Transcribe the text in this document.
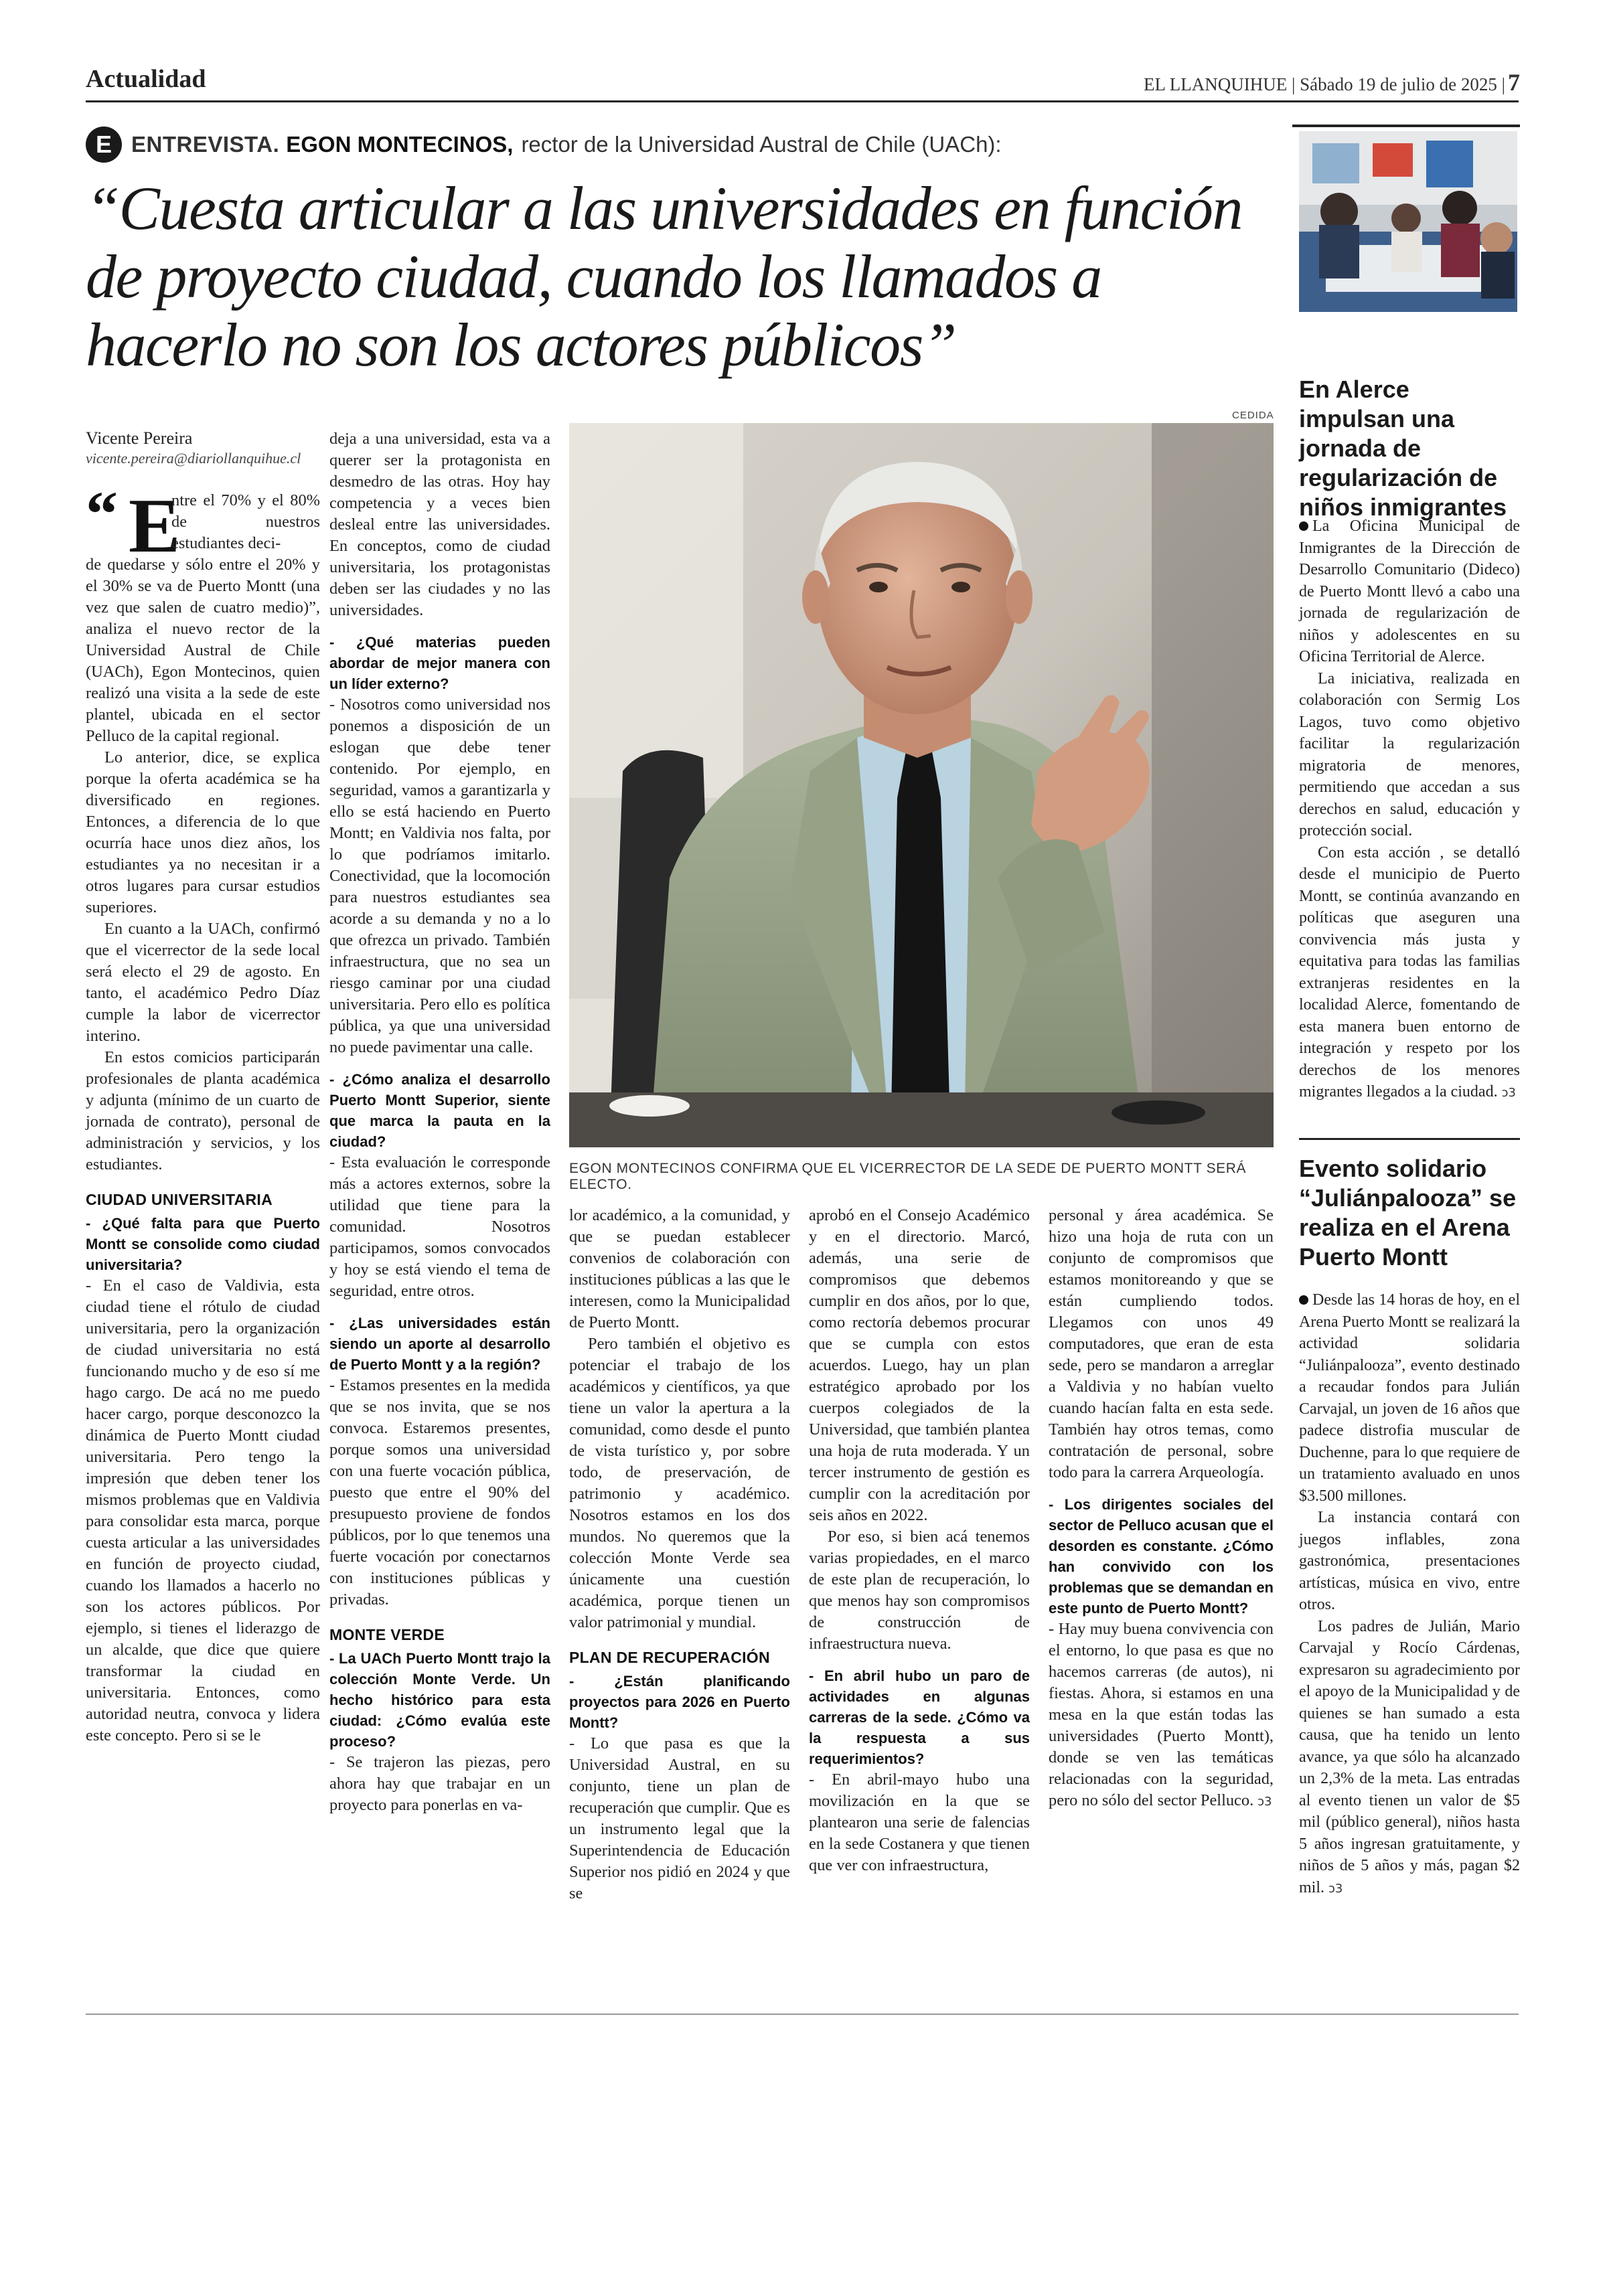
Actualidad	EL LLANQUIHUE | Sábado 19 de julio de 2025 | 7
E ENTREVISTA. EGON MONTECINOS, rector de la Universidad Austral de Chile (UACh):
“Cuesta articular a las universidades en función de proyecto ciudad, cuando los llamados a hacerlo no son los actores públicos”
Vicente Pereira
vicente.pereira@diariollanquihue.cl
“ E

ntre el 70% y el 80% de nuestros estudiantes deci-

de quedarse y sólo entre el 20% y el 30% se va de Puerto Montt (una vez que salen de cuatro medio)”, analiza el nuevo rector de la Universidad Austral de Chile (UACh), Egon Montecinos, quien realizó una visita a la sede de este plantel, ubicada en el sector Pelluco de la capital regional.

Lo anterior, dice, se explica porque la oferta académica se ha diversificado en regiones. Entonces, a diferencia de lo que ocurría hace unos diez años, los estudiantes ya no necesitan ir a otros lugares para cursar estudios superiores.

En cuanto a la UACh, confirmó que el vicerrector de la sede local será electo el 29 de agosto. En tanto, el académico Pedro Díaz cumple la labor de vicerrector interino.

En estos comicios participarán profesionales de planta académica y adjunta (mínimo de un cuarto de jornada de contrato), personal de administración y servicios, y los estudiantes.

CIUDAD UNIVERSITARIA

- ¿Qué falta para que Puerto Montt se consolide como ciudad universitaria?

- En el caso de Valdivia, esta ciudad tiene el rótulo de ciudad universitaria, pero la organización de ciudad universitaria no está funcionando mucho y de eso sí me hago cargo. De acá no me puedo hacer cargo, porque desconozco la dinámica de Puerto Montt ciudad universitaria. Pero tengo la impresión que deben tener los mismos problemas que en Valdivia para consolidar esta marca, porque cuesta articular a las universidades en función de proyecto ciudad, cuando los llamados a hacerlo no son los actores públicos. Por ejemplo, si tienes el liderazgo de un alcalde, que dice que quiere transformar la ciudad en universitaria. Entonces, como autoridad neutra, convoca y lidera este concepto. Pero si se le

deja a una universidad, esta va a querer ser la protagonista en desmedro de las otras. Hoy hay competencia y a veces bien desleal entre las universidades. En conceptos, como de ciudad universitaria, los protagonistas deben ser las ciudades y no las universidades.

- ¿Qué materias pueden abordar de mejor manera con un líder externo?

- Nosotros como universidad nos ponemos a disposición de un eslogan que debe tener contenido. Por ejemplo, en seguridad, vamos a garantizarla y ello se está haciendo en Puerto Montt; en Valdivia nos falta, por lo que podríamos imitarlo. Conectividad, que la locomoción para nuestros estudiantes sea acorde a su demanda y no a lo que ofrezca un privado. También infraestructura, que no sea un riesgo caminar por una ciudad universitaria. Pero ello es política pública, ya que una universidad no puede pavimentar una calle.

- ¿Cómo analiza el desarrollo Puerto Montt Superior, siente que marca la pauta en la ciudad?

- Esta evaluación le corresponde más a actores externos, sobre la utilidad que tiene para la comunidad. Nosotros participamos, somos convocados y hoy se está viendo el tema de seguridad, entre otros.

- ¿Las universidades están siendo un aporte al desarrollo de Puerto Montt y a la región?

- Estamos presentes en la medida que se nos invita, que se nos convoca. Estaremos presentes, porque somos una universidad con una fuerte vocación pública, puesto que entre el 90% del presupuesto proviene de fondos públicos, por lo que tenemos una fuerte vocación por conectarnos con instituciones públicas y privadas.

MONTE VERDE

- La UACh Puerto Montt trajo la colección Monte Verde. Un hecho histórico para esta ciudad: ¿Cómo evalúa este proceso?

- Se trajeron las piezas, pero ahora hay que trabajar en un proyecto para ponerlas en va-

CEDIDA
EGON MONTECINOS CONFIRMA QUE EL VICERRECTOR DE LA SEDE DE PUERTO MONTT SERÁ ELECTO.

lor académico, a la comunidad, y que se puedan establecer convenios de colaboración con instituciones públicas a las que le interesen, como la Municipalidad de Puerto Montt.

Pero también el objetivo es potenciar el trabajo de los académicos y científicos, ya que tiene un valor la apertura a la comunidad, como desde el punto de vista turístico y, por sobre todo, de preservación, de patrimonio y académico. Nosotros estamos en los dos mundos. No queremos que la colección Monte Verde sea únicamente una cuestión académica, porque tienen un valor patrimonial y mundial.

PLAN DE RECUPERACIÓN

- ¿Están planificando proyectos para 2026 en Puerto Montt?

- Lo que pasa es que la Universidad Austral, en su conjunto, tiene un plan de recuperación que cumplir. Que es un instrumento legal que la Superintendencia de Educación Superior nos pidió en 2024 y que se

aprobó en el Consejo Académico y en el directorio. Marcó, además, una serie de compromisos que debemos cumplir en dos años, por lo que, como rectoría debemos procurar que se cumpla con estos acuerdos. Luego, hay un plan estratégico aprobado por los cuerpos colegiados de la Universidad, que también plantea una hoja de ruta moderada. Y un tercer instrumento de gestión es cumplir con la acreditación por seis años en 2022.

Por eso, si bien acá tenemos varias propiedades, en el marco de este plan de recuperación, lo que menos hay son compromisos de construcción de infraestructura nueva.

- En abril hubo un paro de actividades en algunas carreras de la sede. ¿Cómo va la respuesta a sus requerimientos?

- En abril-mayo hubo una movilización en la que se plantearon una serie de falencias en la sede Costanera y que tienen que ver con infraestructura,

personal y área académica. Se hizo una hoja de ruta con un conjunto de compromisos que estamos monitoreando y que se están cumpliendo todos. Llegamos con unos 49 computadores, que eran de esta sede, pero se mandaron a arreglar a Valdivia y no habían vuelto cuando hacían falta en esta sede. También hay otros temas, como contratación de personal, sobre todo para la carrera Arqueología.

- Los dirigentes sociales del sector de Pelluco acusan que el desorden es constante. ¿Cómo han convivido con los problemas que se demandan en este punto de Puerto Montt?

- Hay muy buena convivencia con el entorno, lo que pasa es que no hacemos carreras (de autos), ni fiestas. Ahora, si estamos en una mesa en la que están todas las universidades (Puerto Montt), donde se ven las temáticas relacionadas con la seguridad, pero no sólo del sector Pelluco. ↄ3

En Alerce impulsan una jornada de regularización de niños inmigrantes

La Oficina Municipal de Inmigrantes de la Dirección de Desarrollo Comunitario (Dideco) de Puerto Montt llevó a cabo una jornada de regularización de niños y adolescentes en su Oficina Territorial de Alerce.

La iniciativa, realizada en colaboración con Sermig Los Lagos, tuvo como objetivo facilitar la regularización migratoria de menores, permitiendo que accedan a sus derechos en salud, educación y protección social.

Con esta acción , se detalló desde el municipio de Puerto Montt, se continúa avanzando en políticas que aseguren una convivencia más justa y equitativa para todas las familias extranjeras residentes en la localidad Alerce, fomentando de esta manera buen entorno de integración y respeto por los derechos de los menores migrantes llegados a la ciudad. ↄ3

Evento solidario “Juliánpalooza” se realiza en el Arena Puerto Montt

Desde las 14 horas de hoy, en el Arena Puerto Montt se realizará la actividad solidaria “Juliánpalooza”, evento destinado a recaudar fondos para Julián Carvajal, un joven de 16 años que padece distrofia muscular de Duchenne, para lo que requiere de un tratamiento avaluado en unos $3.500 millones.

La instancia contará con juegos inflables, zona gastronómica, presentaciones artísticas, música en vivo, entre otros.

Los padres de Julián, Mario Carvajal y Rocío Cárdenas, expresaron su agradecimiento por el apoyo de la Municipalidad y de quienes se han sumado a esta causa, que ha tenido un lento avance, ya que sólo ha alcanzado un 2,3% de la meta. Las entradas al evento tienen un valor de $5 mil (público general), niños hasta 5 años ingresan gratuitamente, y niños de 5 años y más, pagan $2 mil. ↄ3
